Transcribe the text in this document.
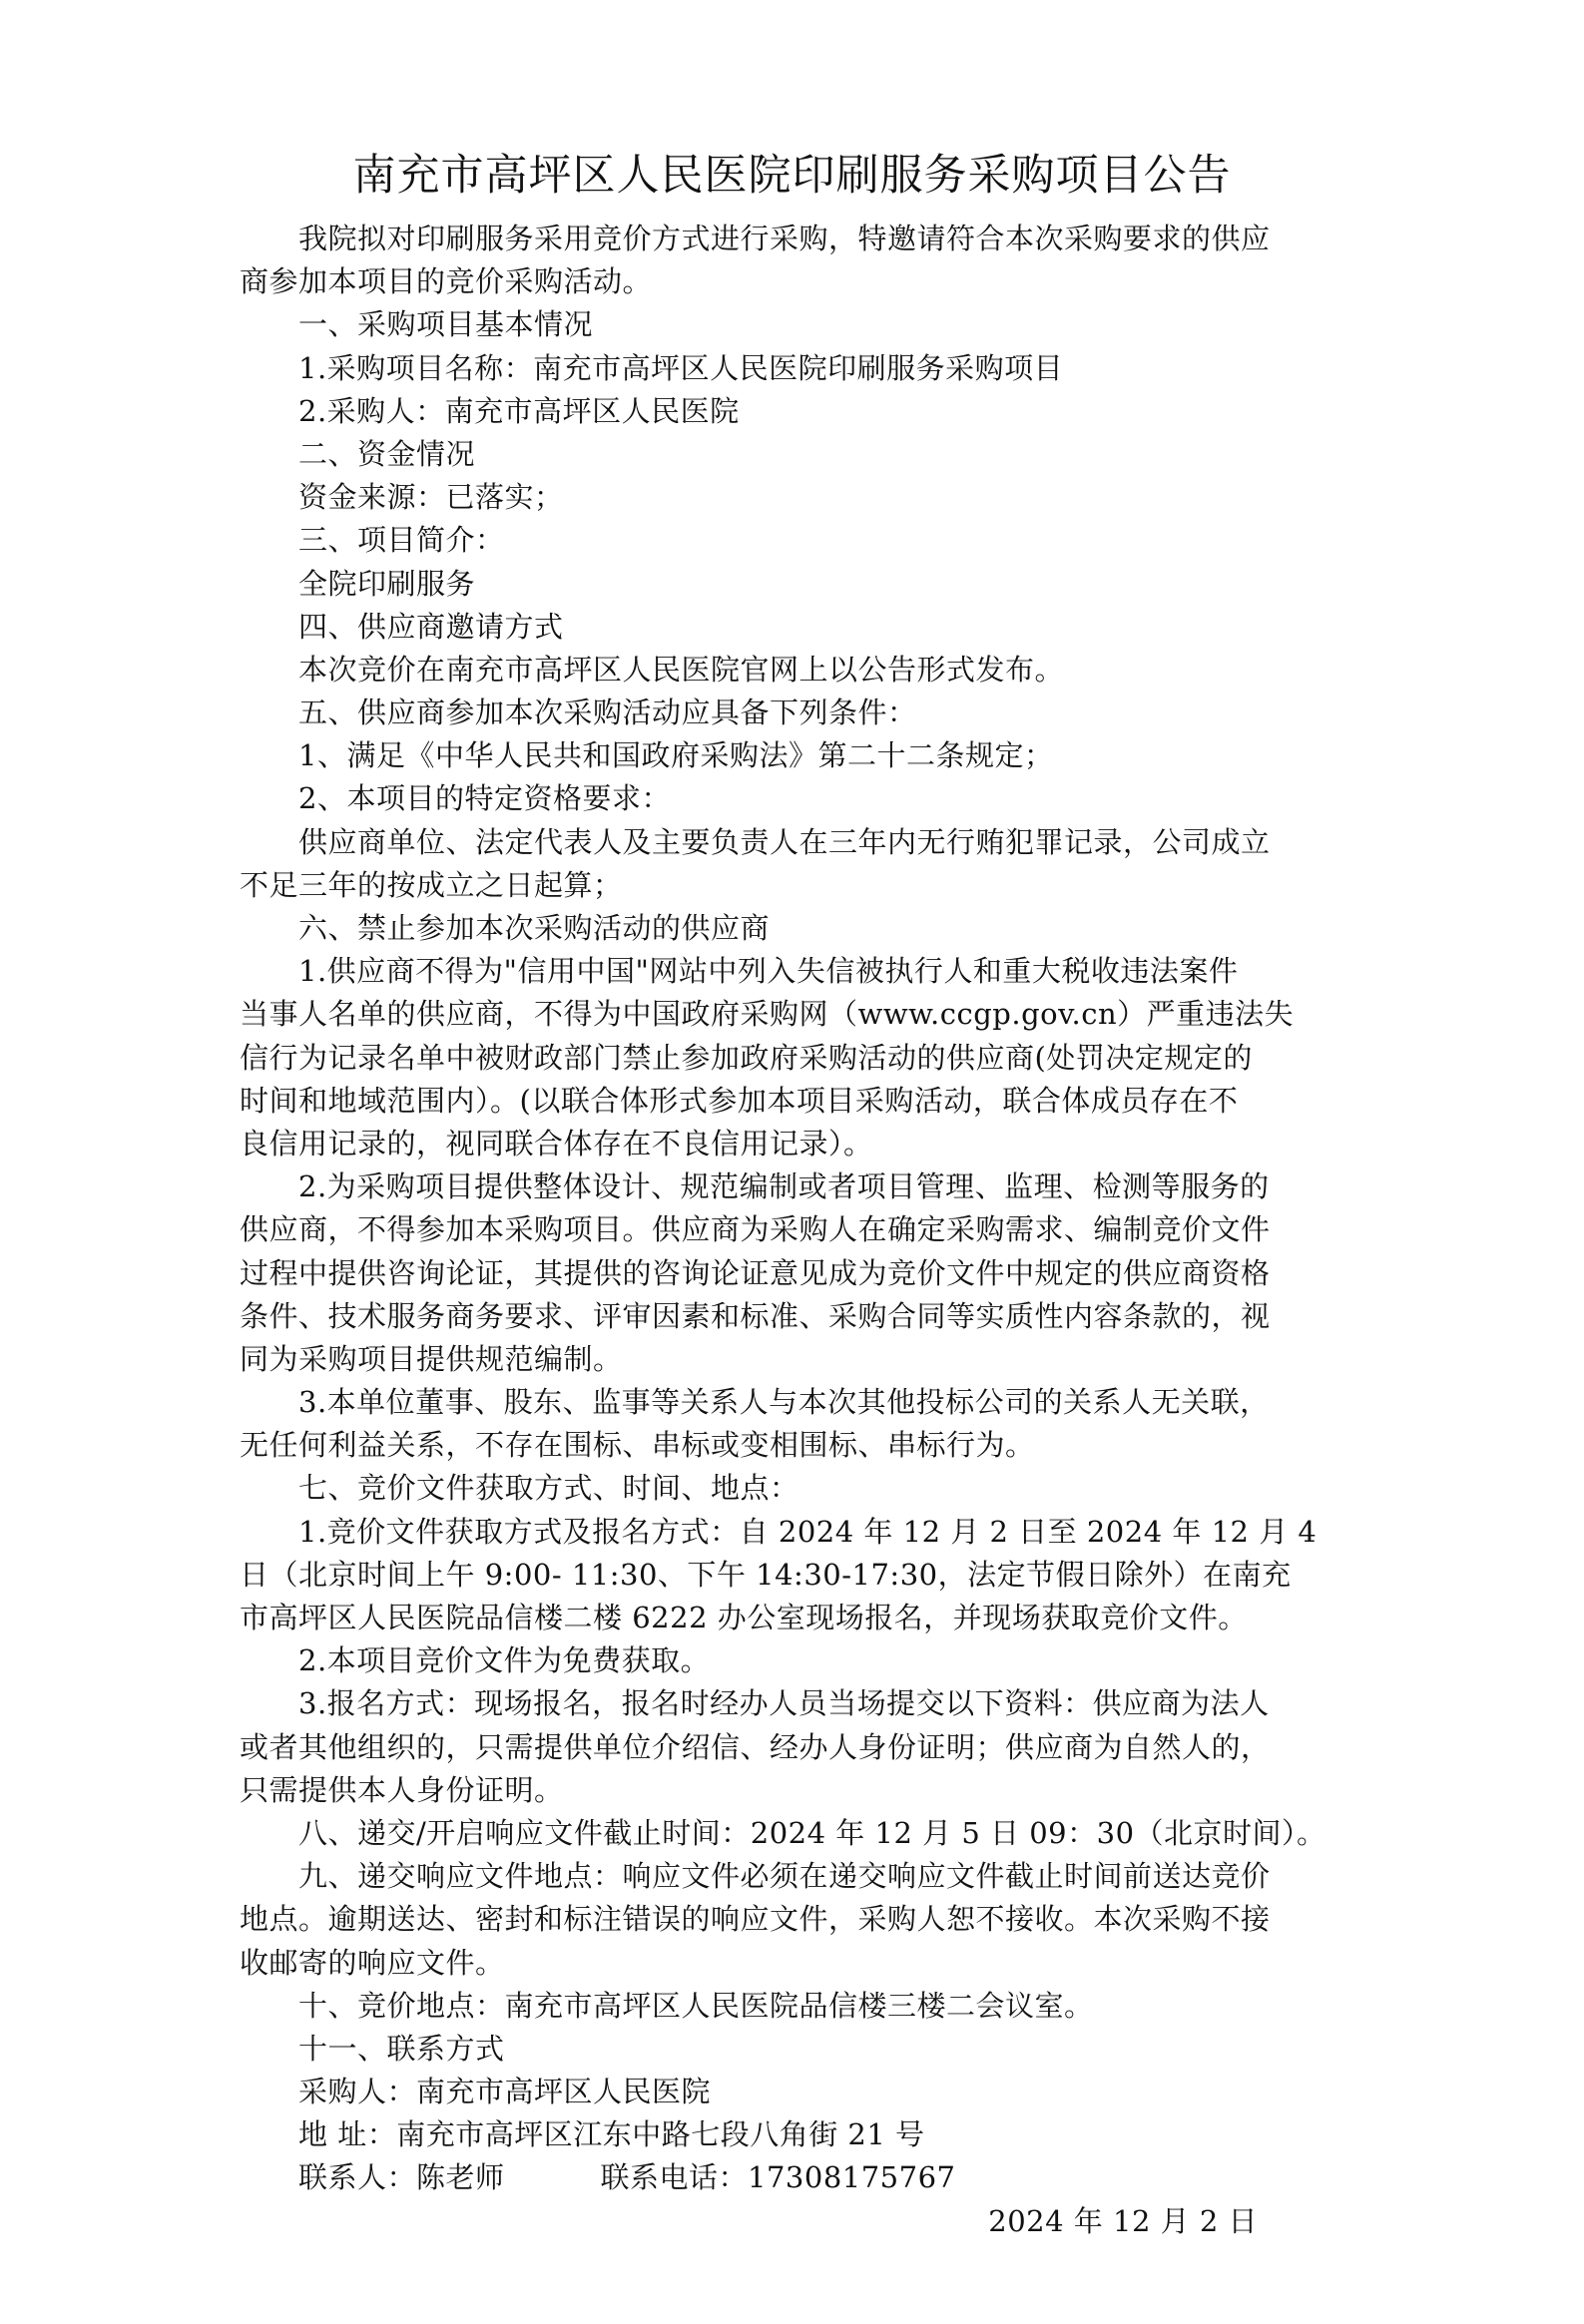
南充市高坪区人民医院印刷服务采购项目公告
我院拟对印刷服务采用竞价方式进行采购，特邀请符合本次采购要求的供应
商参加本项目的竞价采购活动。
一、采购项目基本情况
1.采购项目名称：南充市高坪区人民医院印刷服务采购项目
2.采购人：南充市高坪区人民医院
二、资金情况
资金来源：已落实；
三、项目简介：
全院印刷服务
四、供应商邀请方式
本次竞价在南充市高坪区人民医院官网上以公告形式发布。
五、供应商参加本次采购活动应具备下列条件：
1、满足《中华人民共和国政府采购法》第二十二条规定；
2、本项目的特定资格要求：
供应商单位、法定代表人及主要负责人在三年内无行贿犯罪记录，公司成立
不足三年的按成立之日起算；
六、禁止参加本次采购活动的供应商
1.供应商不得为"信用中国"网站中列入失信被执行人和重大税收违法案件
当事人名单的供应商，不得为中国政府采购网（www.ccgp.gov.cn）严重违法失
信行为记录名单中被财政部门禁止参加政府采购活动的供应商(处罚决定规定的
时间和地域范围内）。(以联合体形式参加本项目采购活动，联合体成员存在不
良信用记录的，视同联合体存在不良信用记录）。
2.为采购项目提供整体设计、规范编制或者项目管理、监理、检测等服务的
供应商，不得参加本采购项目。供应商为采购人在确定采购需求、编制竞价文件
过程中提供咨询论证，其提供的咨询论证意见成为竞价文件中规定的供应商资格
条件、技术服务商务要求、评审因素和标准、采购合同等实质性内容条款的，视
同为采购项目提供规范编制。
3.本单位董事、股东、监事等关系人与本次其他投标公司的关系人无关联，
无任何利益关系，不存在围标、串标或变相围标、串标行为。
七、竞价文件获取方式、时间、地点：
1.竞价文件获取方式及报名方式：自 2024 年 12 月 2 日至 2024 年 12 月 4
日（北京时间上午 9:00- 11:30、下午 14:30-17:30，法定节假日除外）在南充
市高坪区人民医院品信楼二楼 6222 办公室现场报名，并现场获取竞价文件。
2.本项目竞价文件为免费获取。
3.报名方式：现场报名，报名时经办人员当场提交以下资料：供应商为法人
或者其他组织的，只需提供单位介绍信、经办人身份证明；供应商为自然人的，
只需提供本人身份证明。
八、递交/开启响应文件截止时间：2024 年 12 月 5 日 09：30（北京时间）。
九、递交响应文件地点：响应文件必须在递交响应文件截止时间前送达竞价
地点。逾期送达、密封和标注错误的响应文件，采购人恕不接收。本次采购不接
收邮寄的响应文件。
十、竞价地点：南充市高坪区人民医院品信楼三楼二会议室。
十一、联系方式
采购人：南充市高坪区人民医院
地 址：南充市高坪区江东中路七段八角街 21 号
联系人：陈老师	联系电话：17308175767
2024 年 12 月 2 日
